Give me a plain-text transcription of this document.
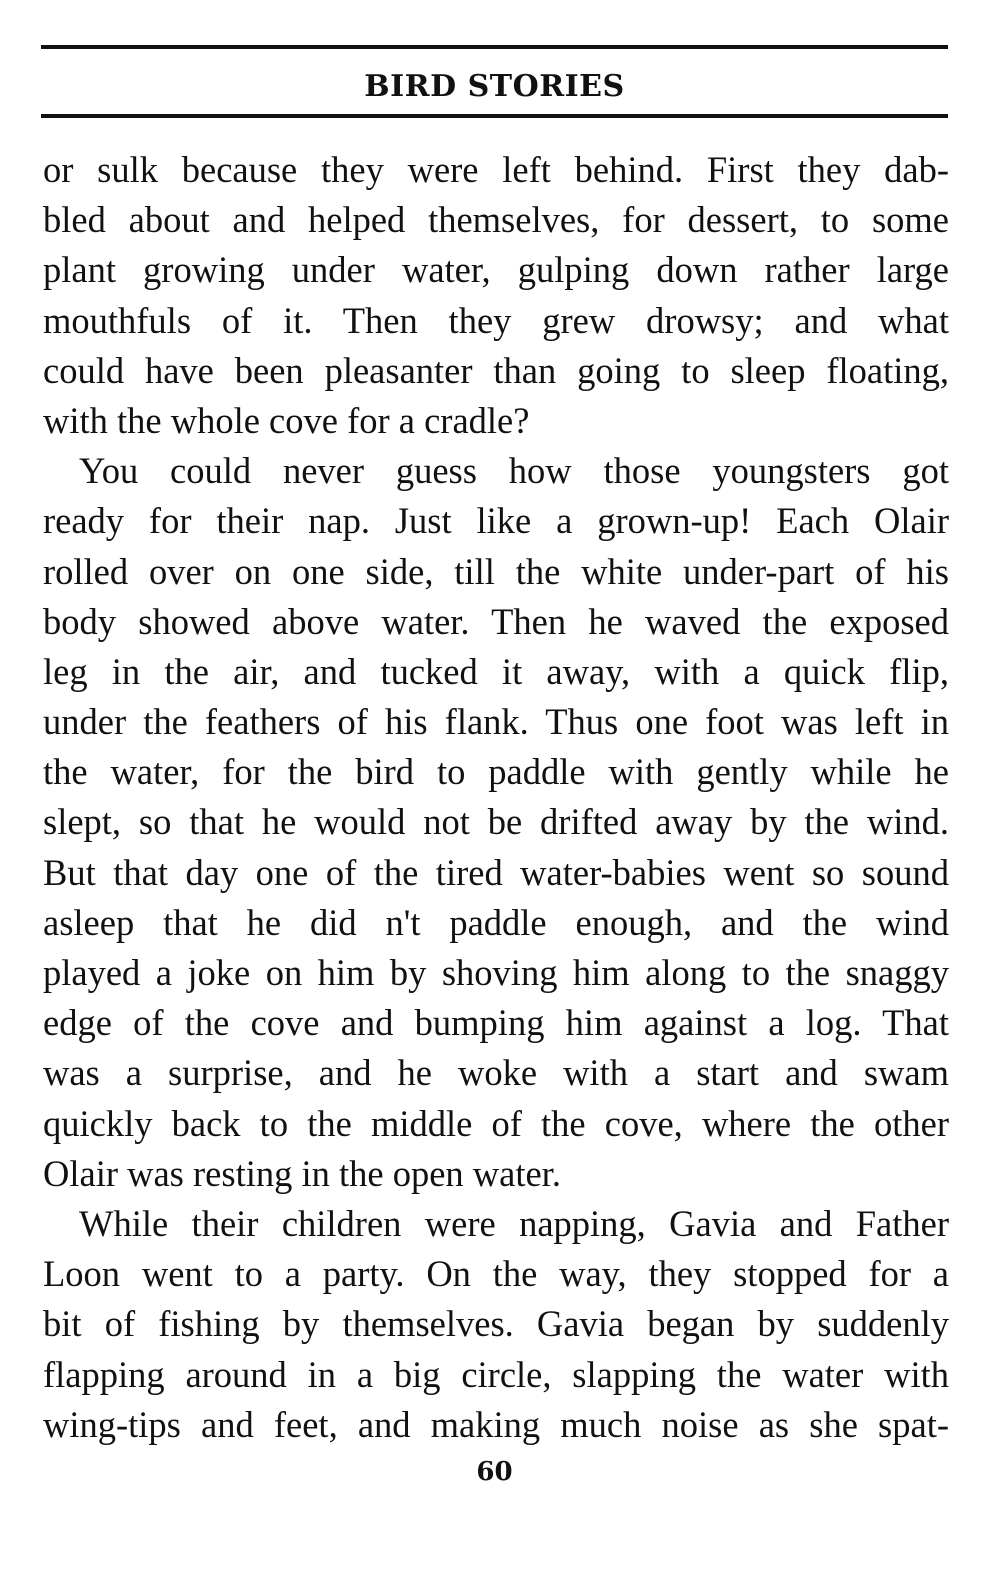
BIRD STORIES
or sulk because they were left behind. First they dab-
bled about and helped themselves, for dessert, to some
plant growing under water, gulping down rather large
mouthfuls of it. Then they grew drowsy; and what
could have been pleasanter than going to sleep floating,
with the whole cove for a cradle?
You could never guess how those youngsters got
ready for their nap. Just like a grown-up! Each Olair
rolled over on one side, till the white under-part of his
body showed above water. Then he waved the exposed
leg in the air, and tucked it away, with a quick flip,
under the feathers of his flank. Thus one foot was left in
the water, for the bird to paddle with gently while he
slept, so that he would not be drifted away by the wind.
But that day one of the tired water-babies went so sound
asleep that he did n't paddle enough, and the wind
played a joke on him by shoving him along to the snaggy
edge of the cove and bumping him against a log. That
was a surprise, and he woke with a start and swam
quickly back to the middle of the cove, where the other
Olair was resting in the open water.
While their children were napping, Gavia and Father
Loon went to a party. On the way, they stopped for a
bit of fishing by themselves. Gavia began by suddenly
flapping around in a big circle, slapping the water with
wing-tips and feet, and making much noise as she spat-
60
